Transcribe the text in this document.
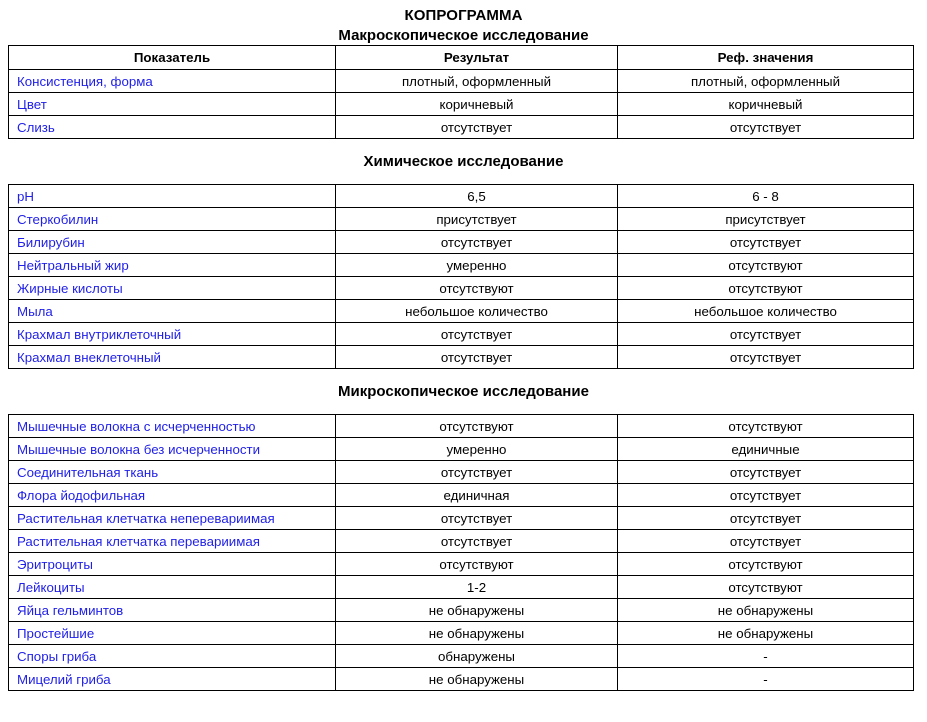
КОПРОГРАММА
Макроскопическое исследование
Показатель	Результат	Реф. значения
Консистенция, форма	плотный, оформленный	плотный, оформленный
Цвет	коричневый	коричневый
Слизь	отсутствует	отсутствует
Химическое исследование
pH	6,5	6 - 8
Стеркобилин	присутствует	присутствует
Билирубин	отсутствует	отсутствует
Нейтральный жир	умеренно	отсутствуют
Жирные кислоты	отсутствуют	отсутствуют
Мыла	небольшое количество	небольшое количество
Крахмал внутриклеточный	отсутствует	отсутствует
Крахмал внеклеточный	отсутствует	отсутствует
Микроскопическое исследование
Мышечные волокна с исчерченностью	отсутствуют	отсутствуют
Мышечные волокна без исчерченности	умеренно	единичные
Соединительная ткань	отсутствует	отсутствует
Флора йодофильная	единичная	отсутствует
Растительная клетчатка неперевариимая	отсутствует	отсутствует
Растительная клетчатка перевариимая	отсутствует	отсутствует
Эритроциты	отсутствуют	отсутствуют
Лейкоциты	1-2	отсутствуют
Яйца гельминтов	не обнаружены	не обнаружены
Простейшие	не обнаружены	не обнаружены
Споры гриба	обнаружены	-
Мицелий гриба	не обнаружены	-
